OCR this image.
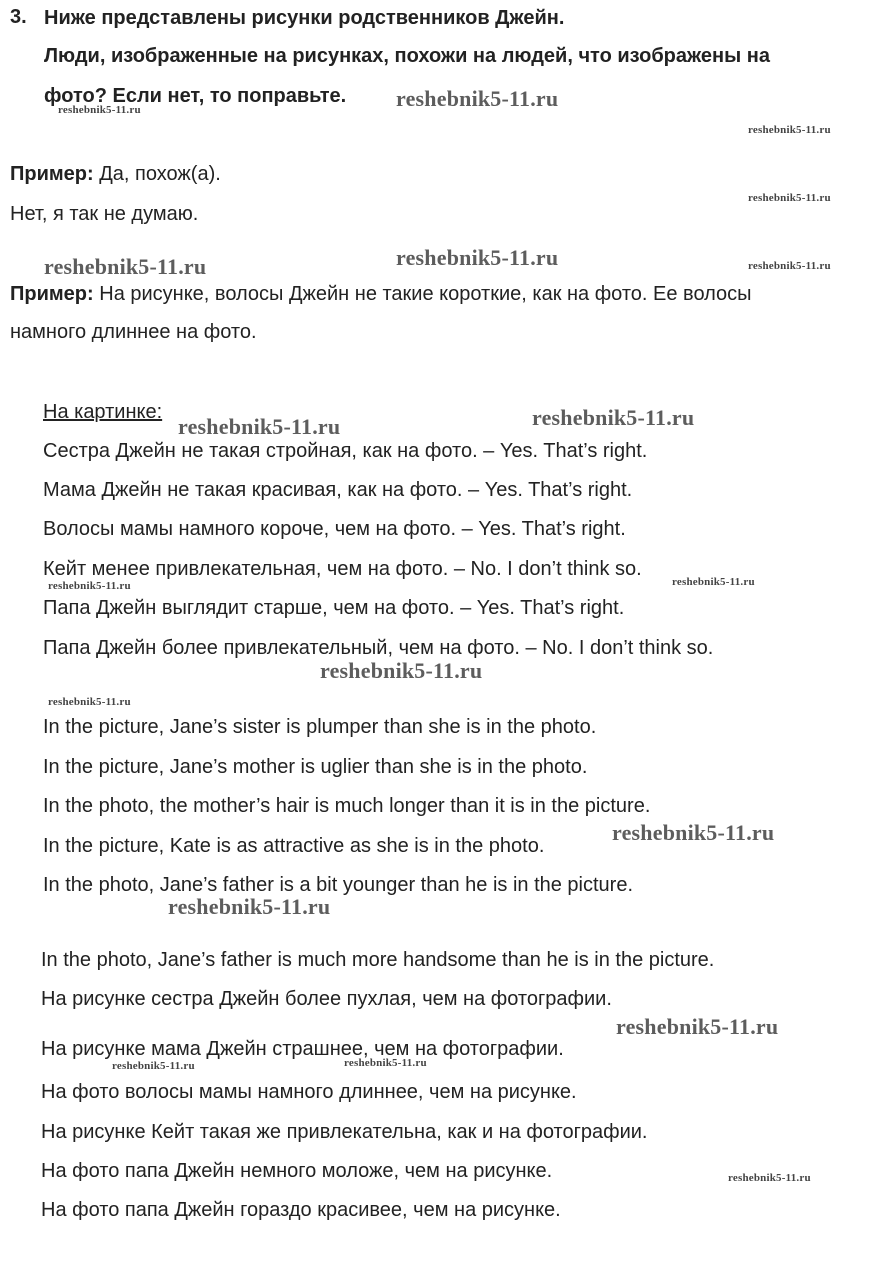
3. Ниже представлены рисунки родственников Джейн.
Люди, изображенные на рисунках, похожи на людей, что изображены на
фото? Если нет, то поправьте.
Пример: Да, похож(а).
Нет, я так не думаю.
Пример: На рисунке, волосы Джейн не такие короткие, как на фото. Ее волосы
намного длиннее на фото.
На картинке:
Сестра Джейн не такая стройная, как на фото. – Yes. That’s right.
Мама Джейн не такая красивая, как на фото. – Yes. That’s right.
Волосы мамы намного короче, чем на фото. – Yes. That’s right.
Кейт менее привлекательная, чем на фото. – No. I don’t think so.
Папа Джейн выглядит старше, чем на фото. – Yes. That’s right.
Папа Джейн более привлекательный, чем на фото. – No. I don’t think so.
In the picture, Jane’s sister is plumper than she is in the photo.
In the picture, Jane’s mother is uglier than she is in the photo.
In the photo, the mother’s hair is much longer than it is in the picture.
In the picture, Kate is as attractive as she is in the photo.
In the photo, Jane’s father is a bit younger than he is in the picture.
In the photo, Jane’s father is much more handsome than he is in the picture.
На рисунке сестра Джейн более пухлая, чем на фотографии.
На рисунке мама Джейн страшнее, чем на фотографии.
На фото волосы мамы намного длиннее, чем на рисунке.
На рисунке Кейт такая же привлекательна, как и на фотографии.
На фото папа Джейн немного моложе, чем на рисунке.
На фото папа Джейн гораздо красивее, чем на рисунке.
reshebnik5-11.ru
reshebnik5-11.ru
reshebnik5-11.ru
reshebnik5-11.ru
reshebnik5-11.ru	reshebnik5-11.ru	reshebnik5-11.ru
reshebnik5-11.ru	reshebnik5-11.ru
reshebnik5-11.ru	reshebnik5-11.ru
reshebnik5-11.ru
reshebnik5-11.ru
reshebnik5-11.ru
reshebnik5-11.ru
reshebnik5-11.ru
reshebnik5-11.ru
reshebnik5-11.ru
reshebnik5-11.ru
